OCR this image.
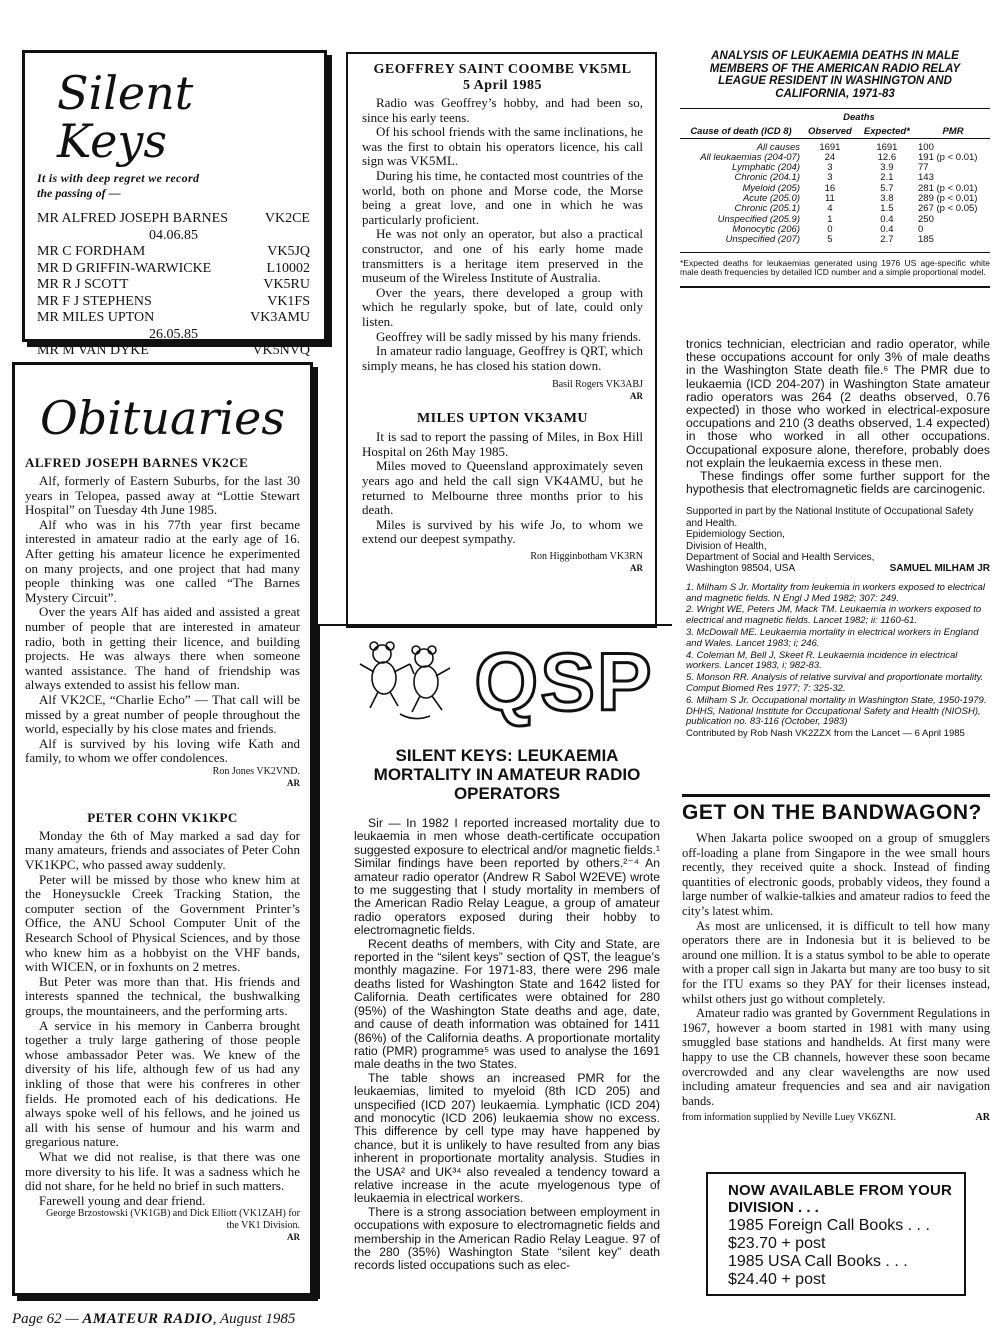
Silent Keys
It is with deep regret we record
the passing of —
MR ALFRED JOSEPH BARNES	VK2CE
04.06.85
MR C FORDHAM	VK5JQ
MR D GRIFFIN-WARWICKE	L10002
MR R J SCOTT	VK5RU
MR F J STEPHENS	VK1FS
MR MILES UPTON	VK3AMU
26.05.85
MR M VAN DYKE	VK5NVQ
Obituaries
ALFRED JOSEPH BARNES VK2CE

Alf, formerly of Eastern Suburbs, for the last 30 years in Telopea, passed away at “Lottie Stewart Hospital” on Tuesday 4th June 1985.

Alf who was in his 77th year first became interested in amateur radio at the early age of 16. After getting his amateur licence he experimented on many projects, and one project that had many people thinking was one called “The Barnes Mystery Circuit”.

Over the years Alf has aided and assisted a great number of people that are interested in amateur radio, both in getting their licence, and building projects. He was always there when someone wanted assistance. The hand of friendship was always extended to assist his fellow man.

Alf VK2CE, “Charlie Echo” — That call will be missed by a great number of people throughout the world, especially by his close mates and friends.

Alf is survived by his loving wife Kath and family, to whom we offer condolences.

Ron Jones VK2VND.

AR

PETER COHN VK1KPC

Monday the 6th of May marked a sad day for many amateurs, friends and associates of Peter Cohn VK1KPC, who passed away suddenly.

Peter will be missed by those who knew him at the Honeysuckle Creek Tracking Station, the computer section of the Government Printer’s Office, the ANU School Computer Unit of the Research School of Physical Sciences, and by those who knew him as a hobbyist on the VHF bands, with WICEN, or in foxhunts on 2 metres.

But Peter was more than that. His friends and interests spanned the technical, the bushwalking groups, the mountaineers, and the performing arts.

A service in his memory in Canberra brought together a truly large gathering of those people whose ambassador Peter was. We knew of the diversity of his life, although few of us had any inkling of those that were his confreres in other fields. He promoted each of his dedications. He always spoke well of his fellows, and he joined us all with his sense of humour and his warm and gregarious nature.

What we did not realise, is that there was one more diversity to his life. It was a sadness which he did not share, for he held no brief in such matters.

Farewell young and dear friend.

George Brzostowski (VK1GB) and Dick Elliott (VK1ZAH) for the VK1 Division.

AR

GEOFFREY SAINT COOMBE VK5ML
5 April 1985

Radio was Geoffrey’s hobby, and had been so, since his early teens.

Of his school friends with the same inclinations, he was the first to obtain his operators licence, his call sign was VK5ML.

During his time, he contacted most countries of the world, both on phone and Morse code, the Morse being a great love, and one in which he was particularly proficient.

He was not only an operator, but also a practical constructor, and one of his early home made transmitters is a heritage item preserved in the museum of the Wireless Institute of Australia.

Over the years, there developed a group with which he regularly spoke, but of late, could only listen.

Geoffrey will be sadly missed by his many friends.

In amateur radio language, Geoffrey is QRT, which simply means, he has closed his station down.

Basil Rogers VK3ABJ

AR

MILES UPTON VK3AMU

It is sad to report the passing of Miles, in Box Hill Hospital on 26th May 1985.

Miles moved to Queensland approximately seven years ago and held the call sign VK4AMU, but he returned to Melbourne three months prior to his death.

Miles is survived by his wife Jo, to whom we extend our deepest sympathy.

Ron Higginbotham VK3RN

AR

QSP
SILENT KEYS: LEUKAEMIA MORTALITY IN AMATEUR RADIO OPERATORS

Sir — In 1982 I reported increased mortality due to leukaemia in men whose death-certificate occupation suggested exposure to electrical and/or magnetic fields.¹ Similar findings have been reported by others.²⁻⁴ An amateur radio operator (Andrew R Sabol W2EVE) wrote to me suggesting that I study mortality in members of the American Radio Relay League, a group of amateur radio operators exposed during their hobby to electromagnetic fields.

Recent deaths of members, with City and State, are reported in the “silent keys” section of QST, the league’s monthly magazine. For 1971-83, there were 296 male deaths listed for Washington State and 1642 listed for California. Death certificates were obtained for 280 (95%) of the Washington State deaths and age, date, and cause of death information was obtained for 1411 (86%) of the California deaths. A proportionate mortality ratio (PMR) programme⁵ was used to analyse the 1691 male deaths in the two States.

The table shows an increased PMR for the leukaemias, limited to myeloid (8th ICD 205) and unspecified (ICD 207) leukaemia. Lymphatic (ICD 204) and monocytic (ICD 206) leukaemia show no excess. This difference by cell type may have happened by chance, but it is unlikely to have resulted from any bias inherent in proportionate mortality analysis. Studies in the USA² and UK³⁴ also revealed a tendency toward a relative increase in the acute myelogenous type of leukaemia in electrical workers.

There is a strong association between employment in occupations with exposure to electromagnetic fields and membership in the American Radio Relay League. 97 of the 280 (35%) Washington State “silent key” death records listed occupations such as elec-

ANALYSIS OF LEUKAEMIA DEATHS IN MALE MEMBERS OF THE AMERICAN RADIO RELAY LEAGUE RESIDENT IN WASHINGTON AND CALIFORNIA, 1971-83
Cause of death (ICD 8)	Deaths		
	Observed	Expected*	PMR

All causes	1691	1691	100
All leukaemias (204-07)	24	12.6	191 (p < 0.01)
Lymphatic (204)	3	3.9	77
Chronic (204.1)	3	2.1	143
Myeloid (205)	16	5.7	281 (p < 0.01)
Acute (205.0)	11	3.8	289 (p < 0.01)
Chronic (205.1)	4	1.5	267 (p < 0.05)
Unspecified (205.9)	1	0.4	250
Monocytic (206)	0	0.4	0
Unspecified (207)	5	2.7	185
*Expected deaths for leukaemias generated using 1976 US age-specific white male death frequencies by detailed ICD number and a simple proportional model.

tronics technician, electrician and radio operator, while these occupations account for only 3% of male deaths in the Washington State death file.⁶ The PMR due to leukaemia (ICD 204-207) in Washington State amateur radio operators was 264 (2 deaths observed, 0.76 expected) in those who worked in electrical-exposure occupations and 210 (3 deaths observed, 1.4 expected) in those who worked in all other occupations. Occupational exposure alone, therefore, probably does not explain the leukaemia excess in these men.

These findings offer some further support for the hypothesis that electromagnetic fields are carcinogenic.

Supported in part by the National Institute of Occupational Safety and Health.
Epidemiology Section,
Division of Health,
Department of Social and Health Services,
Washington 98504, USA	SAMUEL MILHAM JR

1. Milham S Jr. Mortality from leukemia in workers exposed to electrical and magnetic fields. N Engl J Med 1982; 307: 249.

2. Wright WE, Peters JM, Mack TM. Leukaemia in workers exposed to electrical and magnetic fields. Lancet 1982; ii: 1160-61.

3. McDowall ME. Leukaemia mortality in electrical workers in England and Wales. Lancet 1983; i; 246.

4. Coleman M, Bell J, Skeet R. Leukaemia incidence in electrical workers. Lancet 1983, i; 982-83.

5. Monson RR. Analysis of relative survival and proportionate mortality. Comput Biomed Res 1977; 7: 325-32.

6. Milham S Jr. Occupational mortality in Washington State, 1950-1979. DHHS, National Institute for Occupational Safety and Health (NIOSH), publication no. 83-116 (October, 1983)

Contributed by Rob Nash VK2ZZX from the Lancet — 6 April 1985

GET ON THE BANDWAGON?

When Jakarta police swooped on a group of smugglers off-loading a plane from Singapore in the wee small hours recently, they received quite a shock. Instead of finding quantities of electronic goods, probably videos, they found a large number of walkie-talkies and amateur radios to feed the city’s latest whim.

As most are unlicensed, it is difficult to tell how many operators there are in Indonesia but it is believed to be around one million. It is a status symbol to be able to operate with a proper call sign in Jakarta but many are too busy to sit for the ITU exams so they PAY for their licenses instead, whilst others just go without completely.

Amateur radio was granted by Government Regulations in 1967, however a boom started in 1981 with many using smuggled base stations and handhelds. At first many were happy to use the CB channels, however these soon became overcrowded and any clear wavelengths are now used including amateur frequencies and sea and air navigation bands.

from information supplied by Neville Luey VK6ZNI.	AR
NOW AVAILABLE FROM YOUR
DIVISION . . .
1985 Foreign Call Books . . .
$23.70 + post
1985 USA Call Books . . .
$24.40 + post
Page 62 — AMATEUR RADIO, August 1985
